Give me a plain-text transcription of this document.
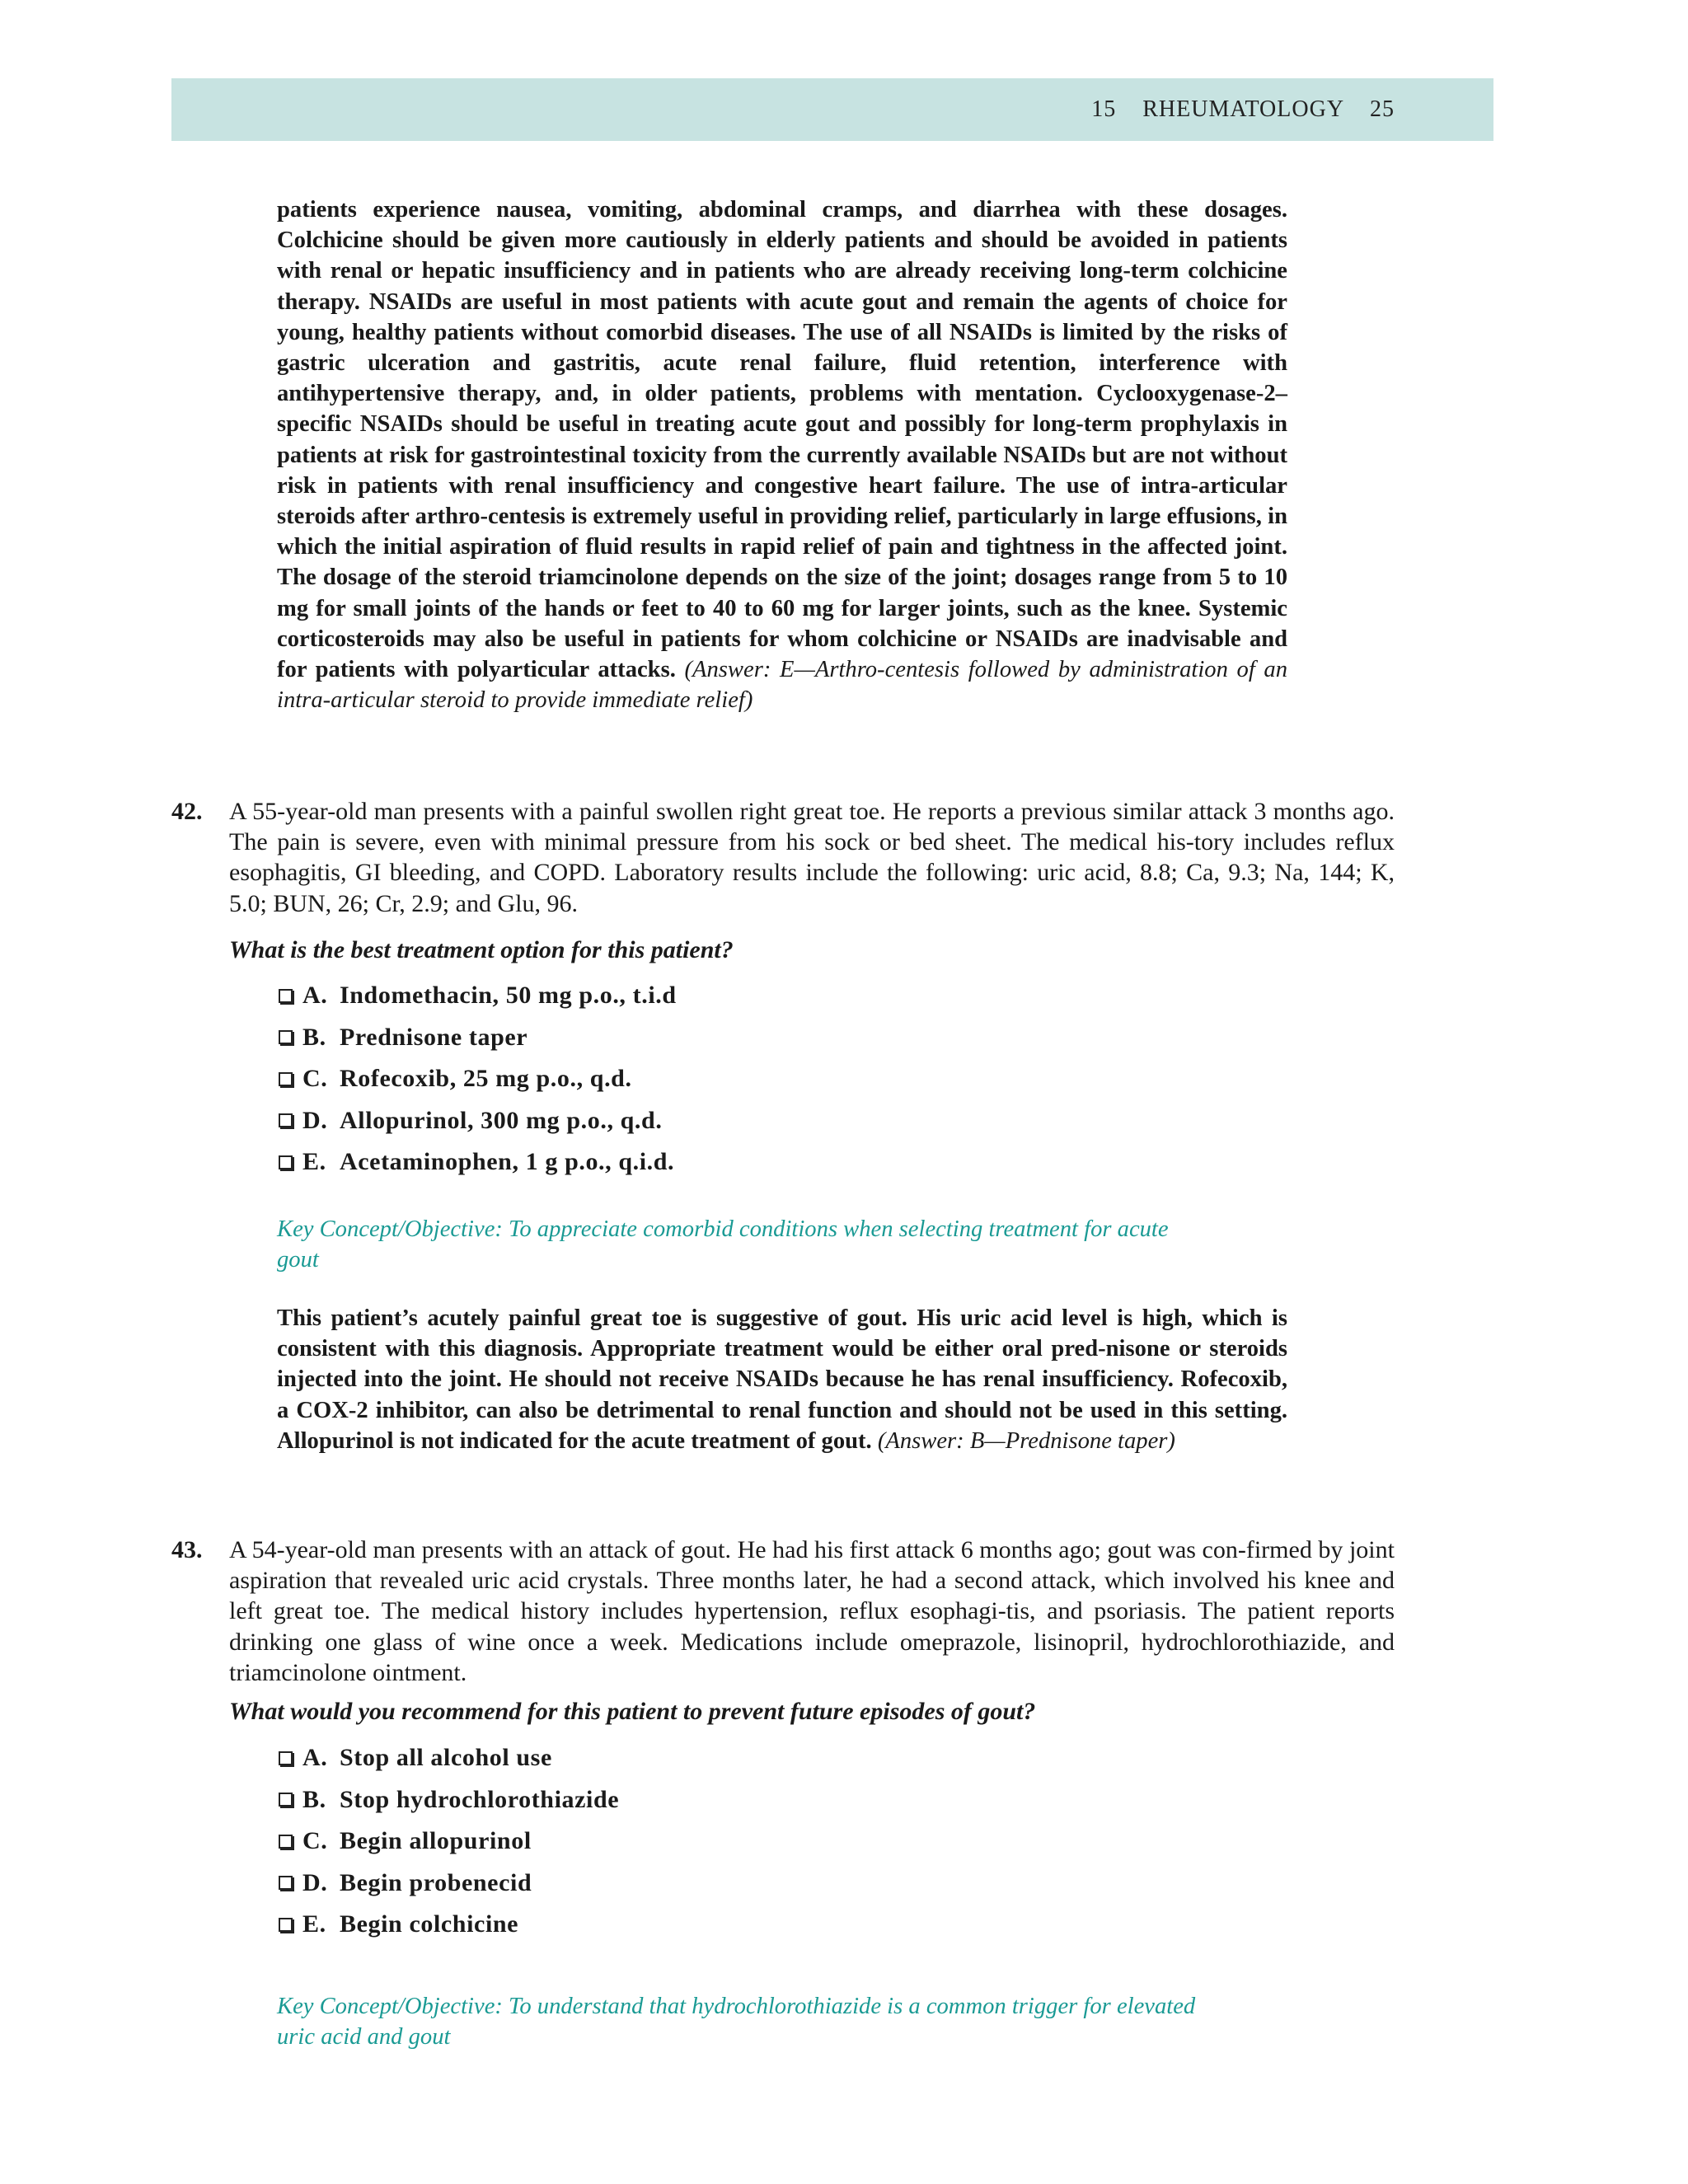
15 RHEUMATOLOGY 25
patients experience nausea, vomiting, abdominal cramps, and diarrhea with these dosages. Colchicine should be given more cautiously in elderly patients and should be avoided in patients with renal or hepatic insufficiency and in patients who are already receiving long-term colchicine therapy. NSAIDs are useful in most patients with acute gout and remain the agents of choice for young, healthy patients without comorbid diseases. The use of all NSAIDs is limited by the risks of gastric ulceration and gastritis, acute renal failure, fluid retention, interference with antihypertensive therapy, and, in older patients, problems with mentation. Cyclooxygenase-2–specific NSAIDs should be useful in treating acute gout and possibly for long-term prophylaxis in patients at risk for gastrointestinal toxicity from the currently available NSAIDs but are not without risk in patients with renal insufficiency and congestive heart failure. The use of intra-articular steroids after arthro-centesis is extremely useful in providing relief, particularly in large effusions, in which the initial aspiration of fluid results in rapid relief of pain and tightness in the affected joint. The dosage of the steroid triamcinolone depends on the size of the joint; dosages range from 5 to 10 mg for small joints of the hands or feet to 40 to 60 mg for larger joints, such as the knee. Systemic corticosteroids may also be useful in patients for whom colchicine or NSAIDs are inadvisable and for patients with polyarticular attacks. (Answer: E—Arthro-centesis followed by administration of an intra-articular steroid to provide immediate relief)
42.	A 55-year-old man presents with a painful swollen right great toe. He reports a previous similar attack 3 months ago. The pain is severe, even with minimal pressure from his sock or bed sheet. The medical his-tory includes reflux esophagitis, GI bleeding, and COPD. Laboratory results include the following: uric acid, 8.8; Ca, 9.3; Na, 144; K, 5.0; BUN, 26; Cr, 2.9; and Glu, 96.
What is the best treatment option for this patient?
A. Indomethacin, 50 mg p.o., t.i.d
B. Prednisone taper
C. Rofecoxib, 25 mg p.o., q.d.
D. Allopurinol, 300 mg p.o., q.d.
E. Acetaminophen, 1 g p.o., q.i.d.
Key Concept/Objective: To appreciate comorbid conditions when selecting treatment for acute
gout
This patient’s acutely painful great toe is suggestive of gout. His uric acid level is high, which is consistent with this diagnosis. Appropriate treatment would be either oral pred-nisone or steroids injected into the joint. He should not receive NSAIDs because he has renal insufficiency. Rofecoxib, a COX-2 inhibitor, can also be detrimental to renal function and should not be used in this setting. Allopurinol is not indicated for the acute treatment of gout. (Answer: B—Prednisone taper)
43.	A 54-year-old man presents with an attack of gout. He had his first attack 6 months ago; gout was con-firmed by joint aspiration that revealed uric acid crystals. Three months later, he had a second attack, which involved his knee and left great toe. The medical history includes hypertension, reflux esophagi-tis, and psoriasis. The patient reports drinking one glass of wine once a week. Medications include omeprazole, lisinopril, hydrochlorothiazide, and triamcinolone ointment.
What would you recommend for this patient to prevent future episodes of gout?
A. Stop all alcohol use
B. Stop hydrochlorothiazide
C. Begin allopurinol
D. Begin probenecid
E. Begin colchicine
Key Concept/Objective: To understand that hydrochlorothiazide is a common trigger for elevated
uric acid and gout
